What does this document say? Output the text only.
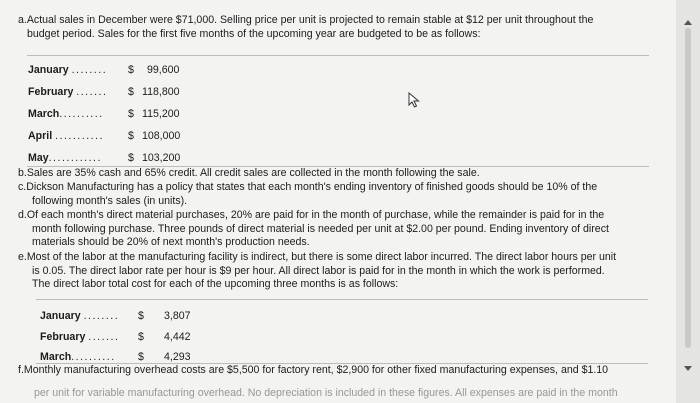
a.Actual sales in December were $71,000. Selling price per unit is projected to remain stable at $12 per unit throughout the
budget period. Sales for the first five months of the upcoming year are budgeted to be as follows:
January ........ $ 99,600
February ....... $ 118,800
March.......... $ 115,200
April ........... $ 108,000
May............ $ 103,200
b.Sales are 35% cash and 65% credit. All credit sales are collected in the month following the sale.
c.Dickson Manufacturing has a policy that states that each month's ending inventory of finished goods should be 10% of the
following month's sales (in units).
d.Of each month's direct material purchases, 20% are paid for in the month of purchase, while the remainder is paid for in the
month following purchase. Three pounds of direct material is needed per unit at $2.00 per pound. Ending inventory of direct
materials should be 20% of next month's production needs.
e.Most of the labor at the manufacturing facility is indirect, but there is some direct labor incurred. The direct labor hours per unit
is 0.05. The direct labor rate per hour is $9 per hour. All direct labor is paid for in the month in which the work is performed.
The direct labor total cost for each of the upcoming three months is as follows:
January ........ $ 3,807
February ....... $ 4,442
March.......... $ 4,293
f.Monthly manufacturing overhead costs are $5,500 for factory rent, $2,900 for other fixed manufacturing expenses, and $1.10
per unit for variable manufacturing overhead. No depreciation is included in these figures. All expenses are paid in the month
